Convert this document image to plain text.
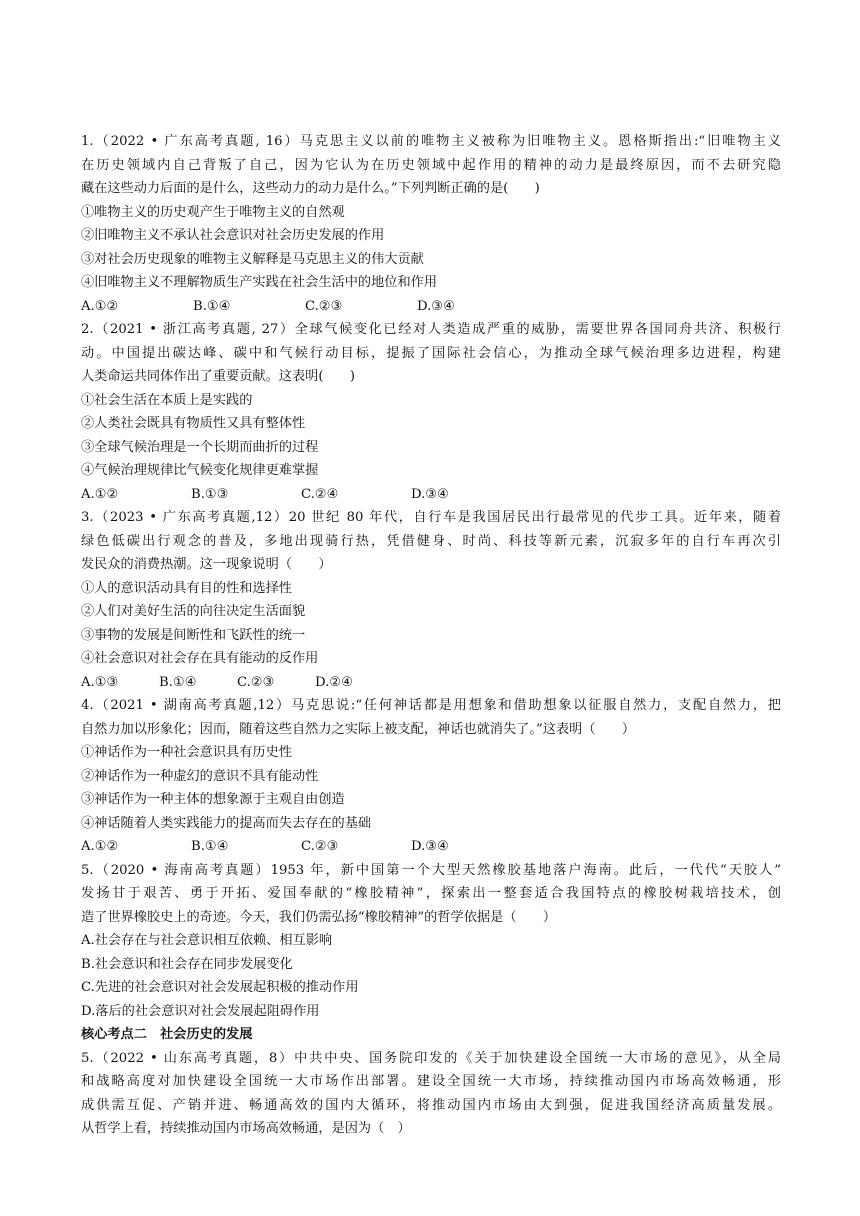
1.（2022 • 广东高考真题, 16）马克思主义以前的唯物主义被称为旧唯物主义。恩格斯指出:“旧唯物主义
在历史领域内自己背叛了自己，因为它认为在历史领域中起作用的精神的动力是最终原因，而不去研究隐
藏在这些动力后面的是什么，这些动力的动力是什么。”下列判断正确的是(　　)
①唯物主义的历史观产生于唯物主义的自然观
②旧唯物主义不承认社会意识对社会历史发展的作用
③对社会历史现象的唯物主义解释是马克思主义的伟大贡献
④旧唯物主义不理解物质生产实践在社会生活中的地位和作用
A.①②	B.①④	C.②③	D.③④
2.（2021 • 浙江高考真题, 27）全球气候变化已经对人类造成严重的威胁，需要世界各国同舟共济、积极行
动。中国提出碳达峰、碳中和气候行动目标，提振了国际社会信心，为推动全球气候治理多边进程，构建
人类命运共同体作出了重要贡献。这表明(　　)
①社会生活在本质上是实践的
②人类社会既具有物质性又具有整体性
③全球气候治理是一个长期而曲折的过程
④气候治理规律比气候变化规律更难掌握
A.①②	B.①③	C.②④	D.③④
3.（2023 • 广东高考真题,12）20 世纪 80 年代，自行车是我国居民出行最常见的代步工具。近年来，随着
绿色低碳出行观念的普及，多地出现骑行热，凭借健身、时尚、科技等新元素，沉寂多年的自行车再次引
发民众的消费热潮。这一现象说明（　　）
①人的意识活动具有目的性和选择性
②人们对美好生活的向往决定生活面貌
③事物的发展是间断性和飞跃性的统一
④社会意识对社会存在具有能动的反作用
A.①③	B.①④	C.②③	D.②④
4.（2021 • 湖南高考真题,12）马克思说:“任何神话都是用想象和借助想象以征服自然力，支配自然力，把
自然力加以形象化；因而，随着这些自然力之实际上被支配，神话也就消失了。”这表明（　　）
①神话作为一种社会意识具有历史性
②神话作为一种虚幻的意识不具有能动性
③神话作为一种主体的想象源于主观自由创造
④神话随着人类实践能力的提高而失去存在的基础
A.①②	B.①④	C.②③	D.③④
5.（2020 • 海南高考真题）1953 年，新中国第一个大型天然橡胶基地落户海南。此后，一代代“天胶人”
发扬甘于艰苦、勇于开拓、爱国奉献的“橡胶精神”，探索出一整套适合我国特点的橡胶树栽培技术，创
造了世界橡胶史上的奇迹。今天，我们仍需弘扬“橡胶精神”的哲学依据是（　　）
A.社会存在与社会意识相互依赖、相互影响
B.社会意识和社会存在同步发展变化
C.先进的社会意识对社会发展起积极的推动作用
D.落后的社会意识对社会发展起阻碍作用
核心考点二　社会历史的发展
5.（2022 • 山东高考真题，8）中共中央、国务院印发的《关于加快建设全国统一大市场的意见》，从全局
和战略高度对加快建设全国统一大市场作出部署。建设全国统一大市场，持续推动国内市场高效畅通，形
成供需互促、产销并进、畅通高效的国内大循环，将推动国内市场由大到强，促进我国经济高质量发展。
从哲学上看，持续推动国内市场高效畅通，是因为（　）
